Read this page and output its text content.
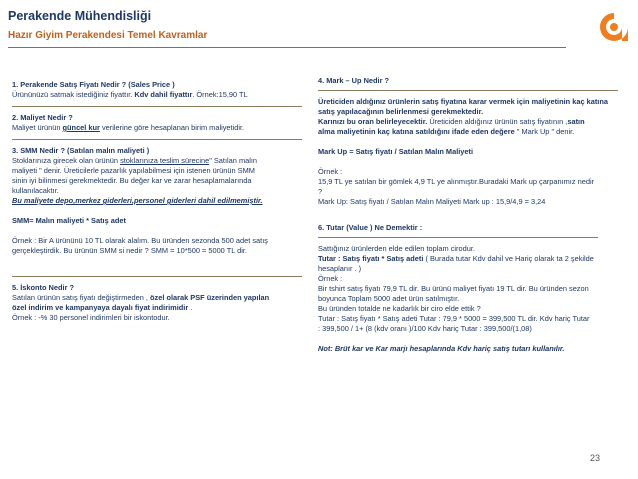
Perakende Mühendisliği
Hazır Giyim Perakendesi Temel Kavramlar
1. Perakende Satış Fiyatı Nedir ? (Sales Price )
Ürününüzü satmak istediğiniz fiyattır. Kdv dahil fiyattır. Örnek:15,90 TL
2. Maliyet Nedir ?
Maliyet ürünün güncel kur verilerine göre hesaplanan birim maliyetidir.
3. SMM Nedir ? (Satılan malın maliyeti )
Stoklarınıza girecek olan ürünün stoklarınıza teslim sürecine" Satılan malın
maliyeti " denir. Üreticilerle pazarlık yapılabilmesi için istenen ürünün SMM
sinin iyi bilinmesi gerekmektedir. Bu değer kar ve zarar hesaplamalarında
kullanılacaktır.
Bu maliyete depo,merkez giderleri,personel giderleri dahil edilmemiştir.
SMM= Malın maliyeti * Satış adet
Örnek : Bir A ürününü 10 TL olarak alalım. Bu üründen sezonda 500 adet satış
gerçekleştirdik. Bu ürünün SMM si nedir ? SMM = 10*500 = 5000 TL dir.
5. İskonto Nedir ?
Satılan ürünün satış fiyatı değiştirmeden , özel olarak PSF üzerinden yapılan
özel indirim ve kampanyaya dayalı fiyat indirimidir .
Örnek : -% 30 personel indirimleri bir iskontodur.
4. Mark – Up Nedir ?
Üreticiden aldığınız ürünlerin satış fiyatına karar vermek için maliyetinin kaç katına
satış yapılacağının belirlenmesi gerekmektedir.
Karınızı bu oran belirleyecektir. Üreticiden aldığınız ürünün satış fiyatının ,satın
alma maliyetinin kaç katına satıldığını ifade eden değere " Mark Up " denir.
Mark Up = Satış fiyatı / Satılan Malın Maliyeti
Örnek :
15,9 TL ye satılan bir gömlek 4,9 TL ye alınmıştır.Buradaki Mark up çarpanımız nedir
?
Mark Up: Satış fiyatı / Satılan Malın Maliyeti Mark up : 15,9/4,9 = 3,24
6. Tutar (Value ) Ne Demektir :
Sattığınız ürünlerden elde edilen toplam cirodur.
Tutar : Satış fiyatı * Satış adeti ( Burada tutar Kdv dahil ve Hariç olarak ta 2 şekilde
hesaplanır . )
Örnek :
Bir tshirt satış fiyatı 79,9 TL dir. Bu ürünü maliyet fiyatı 19 TL dir. Bu üründen sezon
boyunca Toplam 5000 adet ürün satılmıştır.
Bu üründen totalde ne kadarlık bir ciro elde ettik ?
Tutar : Satış fiyatı * Satış adeti Tutar : 79,9 * 5000 = 399,500 TL dir. Kdv hariç Tutar
: 399,500 / 1+ (8 (kdv oranı )/100 Kdv hariç Tutar : 399,500/(1,08)
Not: Brüt kar ve Kar marjı hesaplarında Kdv hariç satış tutarı kullanılır.
23
